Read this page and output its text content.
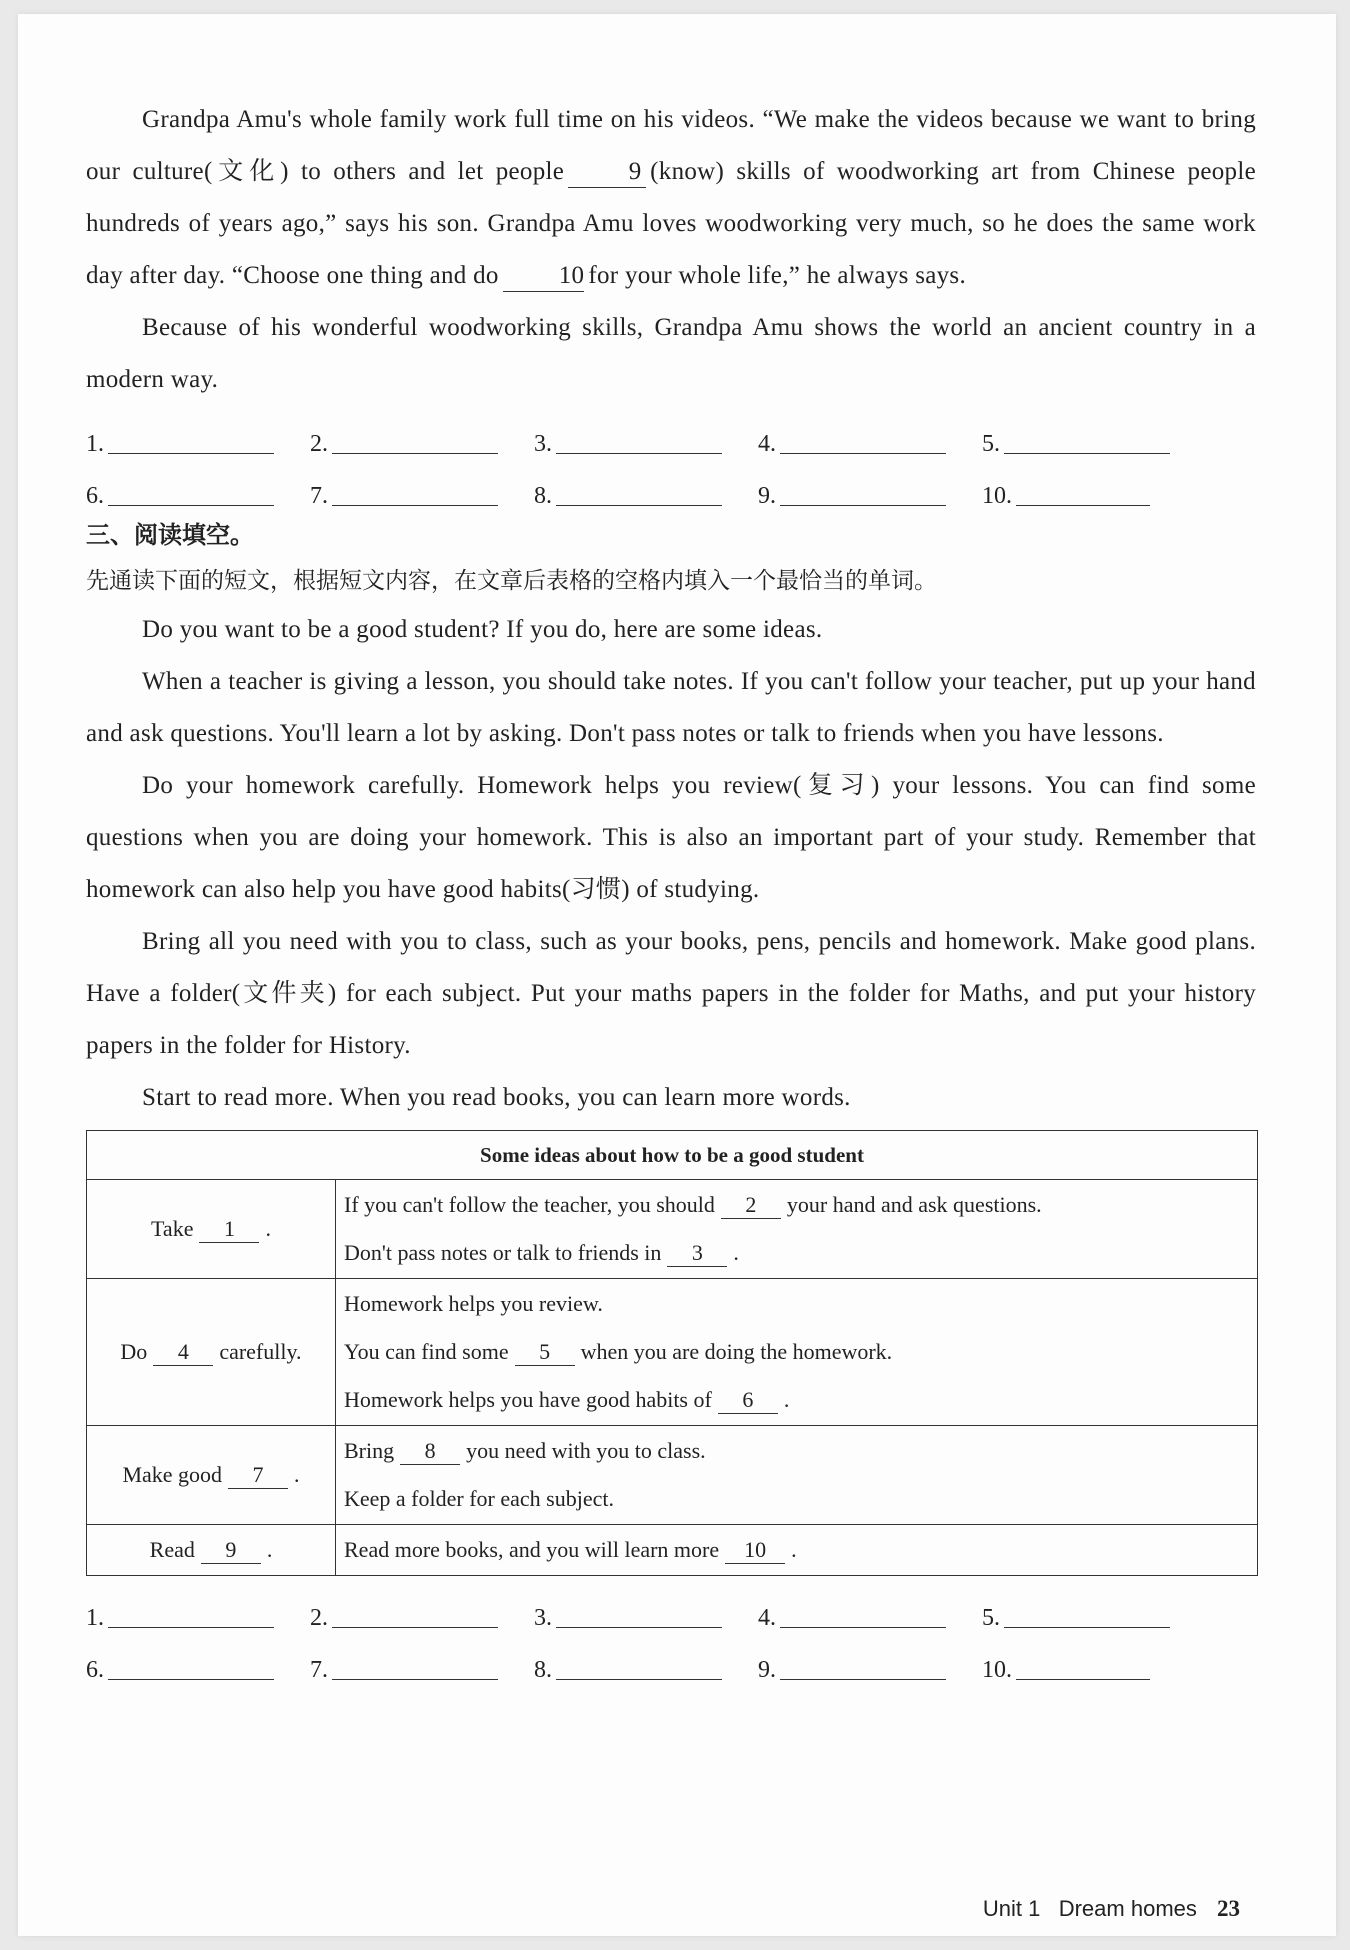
Grandpa Amu's whole family work full time on his videos. “We make the videos because we want to bring our culture(文化) to others and let people	9 (know) skills of woodworking art from Chinese people hundreds of years ago,” says his son. Grandpa Amu loves woodworking very much, so he does the same work day after day. “Choose one thing and do 10 for your whole life,” he always says.

Because of his wonderful woodworking skills, Grandpa Amu shows the world an ancient country in a modern way.

1.	2.	3.	4.	5.
6.	7.	8.	9.	10.
三、阅读填空。
先通读下面的短文，根据短文内容，在文章后表格的空格内填入一个最恰当的单词。

Do you want to be a good student? If you do, here are some ideas.

When a teacher is giving a lesson, you should take notes. If you can't follow your teacher, put up your hand and ask questions. You'll learn a lot by asking. Don't pass notes or talk to friends when you have lessons.

Do your homework carefully. Homework helps you review(复习) your lessons. You can find some questions when you are doing your homework. This is also an important part of your study. Remember that homework can also help you have good habits(习惯) of studying.

Bring all you need with you to class, such as your books, pens, pencils and homework. Make good plans. Have a folder(文件夹) for each subject. Put your maths papers in the folder for Maths, and put your history papers in the folder for History.

Start to read more. When you read books, you can learn more words.

Some ideas about how to be a good student	
Take 1 .	If you can't follow the teacher, you should 2 your hand and ask questions.
Don't pass notes or talk to friends in 3 .

Do 4 carefully.	Homework helps you review.
You can find some 5 when you are doing the homework.
Homework helps you have good habits of 6 .

Make good 7 .	Bring 8 you need with you to class.
Keep a folder for each subject.

Read 9 .	Read more books, and you will learn more 10 .
1.	2.	3.	4.	5.
6.	7.	8.	9.	10.
Unit 1 Dream homes 23
